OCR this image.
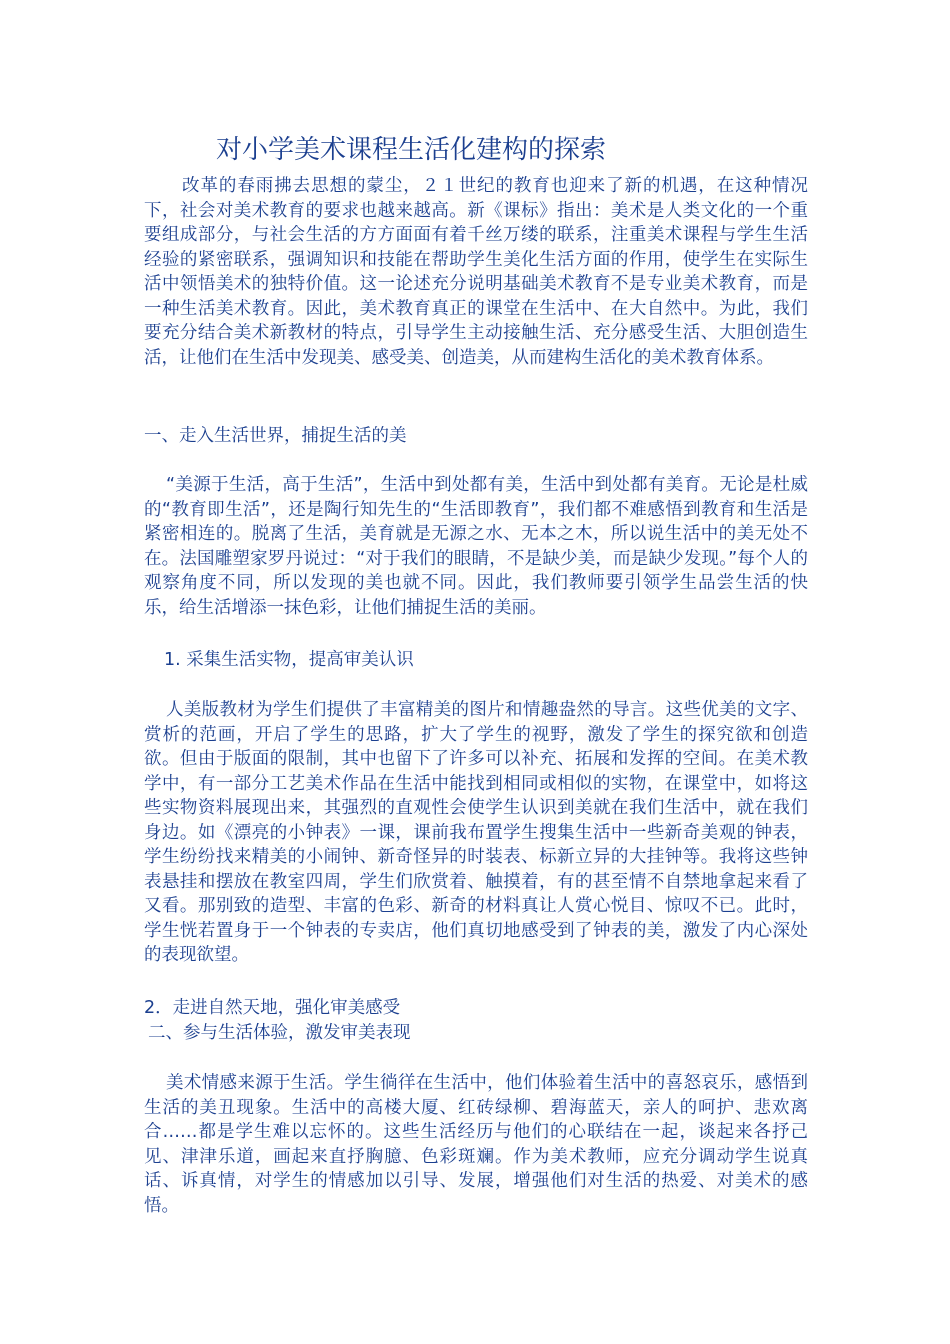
对小学美术课程生活化建构的探索

改革的春雨拂去思想的蒙尘，２１世纪的教育也迎来了新的机遇，在这种情况下，社会对美术教育的要求也越来越高。新《课标》指出：美术是人类文化的一个重要组成部分，与社会生活的方方面面有着千丝万缕的联系，注重美术课程与学生生活经验的紧密联系，强调知识和技能在帮助学生美化生活方面的作用，使学生在实际生活中领悟美术的独特价值。这一论述充分说明基础美术教育不是专业美术教育，而是一种生活美术教育。因此，美术教育真正的课堂在生活中、在大自然中。为此，我们要充分结合美术新教材的特点，引导学生主动接触生活、充分感受生活、大胆创造生活，让他们在生活中发现美、感受美、创造美，从而建构生活化的美术教育体系。

一、走入生活世界，捕捉生活的美

“美源于生活，高于生活”，生活中到处都有美，生活中到处都有美育。无论是杜威的“教育即生活”，还是陶行知先生的“生活即教育”，我们都不难感悟到教育和生活是紧密相连的。脱离了生活，美育就是无源之水、无本之木，所以说生活中的美无处不在。法国雕塑家罗丹说过：“对于我们的眼睛，不是缺少美，而是缺少发现。”每个人的观察角度不同，所以发现的美也就不同。因此，我们教师要引领学生品尝生活的快乐，给生活增添一抹色彩，让他们捕捉生活的美丽。

1. 采集生活实物，提高审美认识

人美版教材为学生们提供了丰富精美的图片和情趣盎然的导言。这些优美的文字、赏析的范画，开启了学生的思路，扩大了学生的视野，激发了学生的探究欲和创造欲。但由于版面的限制，其中也留下了许多可以补充、拓展和发挥的空间。在美术教学中，有一部分工艺美术作品在生活中能找到相同或相似的实物，在课堂中，如将这些实物资料展现出来，其强烈的直观性会使学生认识到美就在我们生活中，就在我们身边。如《漂亮的小钟表》一课，课前我布置学生搜集生活中一些新奇美观的钟表，学生纷纷找来精美的小闹钟、新奇怪异的时装表、标新立异的大挂钟等。我将这些钟表悬挂和摆放在教室四周，学生们欣赏着、触摸着，有的甚至情不自禁地拿起来看了又看。那别致的造型、丰富的色彩、新奇的材料真让人赏心悦目、惊叹不已。此时，学生恍若置身于一个钟表的专卖店，他们真切地感受到了钟表的美，激发了内心深处的表现欲望。

2．走进自然天地，强化审美感受

二、参与生活体验，激发审美表现

美术情感来源于生活。学生徜徉在生活中，他们体验着生活中的喜怒哀乐，感悟到生活的美丑现象。生活中的高楼大厦、红砖绿柳、碧海蓝天，亲人的呵护、悲欢离合……都是学生难以忘怀的。这些生活经历与他们的心联结在一起，谈起来各抒己见、津津乐道，画起来直抒胸臆、色彩斑斓。作为美术教师，应充分调动学生说真话、诉真情，对学生的情感加以引导、发展，增强他们对生活的热爱、对美术的感悟。
